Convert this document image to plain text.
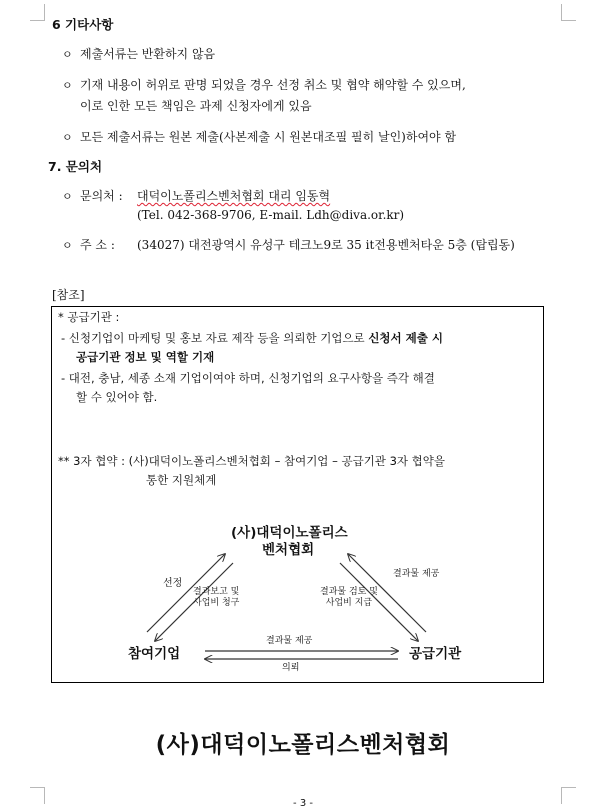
6 기타사항
ㅇ 제출서류는 반환하지 않음
ㅇ 기재 내용이 허위로 판명 되었을 경우 선정 취소 및 협약 해약할 수 있으며,
이로 인한 모든 책임은 과제 신청자에게 있음
ㅇ 모든 제출서류는 원본 제출(사본제출 시 원본대조필 필히 날인)하여야 함
7. 문의처
ㅇ 문의처 : 대덕이노폴리스벤처협회 대리 임동혁
(Tel. 042-368-9706, E-mail. Ldh@diva.or.kr)
ㅇ 주 소 : (34027) 대전광역시 유성구 테크노9로 35 it전용벤처타운 5층 (탑립동)
[참조]
* 공급기관 :
- 신청기업이 마케팅 및 홍보 자료 제작 등을 의뢰한 기업으로 신청서 제출 시
공급기관 정보 및 역할 기재
- 대전, 충남, 세종 소재 기업이여야 하며, 신청기업의 요구사항을 즉각 해결
할 수 있어야 함.
** 3자 협약 : (사)대덕이노폴리스벤처협회 – 참여기업 – 공급기관 3자 협약을
통한 지원체계
(사)대덕이노폴리스
벤처협회
참여기업	공급기관
선정
결과보고 및
사업비 청구
결과물 검토 및
사업비 지급
결과물 제공
결과물 제공
의뢰
(사)대덕이노폴리스벤처협회
- 3 -
